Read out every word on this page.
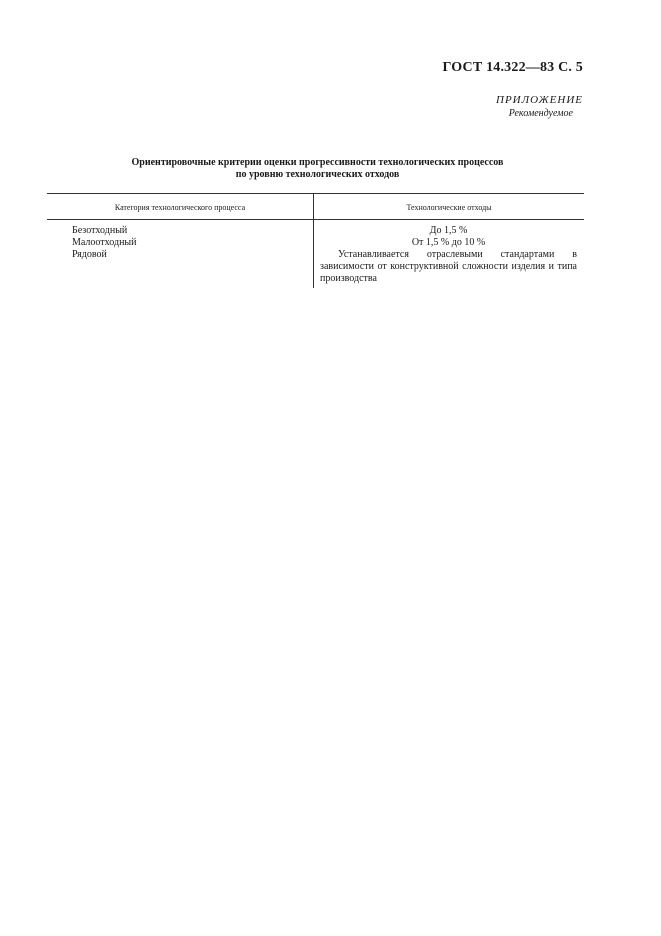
ГОСТ 14.322—83 С. 5
ПРИЛОЖЕНИЕ
Рекомендуемое
Ориентировочные критерии оценки прогрессивности технологических процессов
по уровню технологических отходов
Категория технологического процесса	Технологические отходы
Безотходный
Малоотходный
Рядовой
До 1,5 %
От 1,5 % до 10 %
Устанавливается отраслевыми стандартами в зависимости от конструктивной сложности изделия и типа производства
